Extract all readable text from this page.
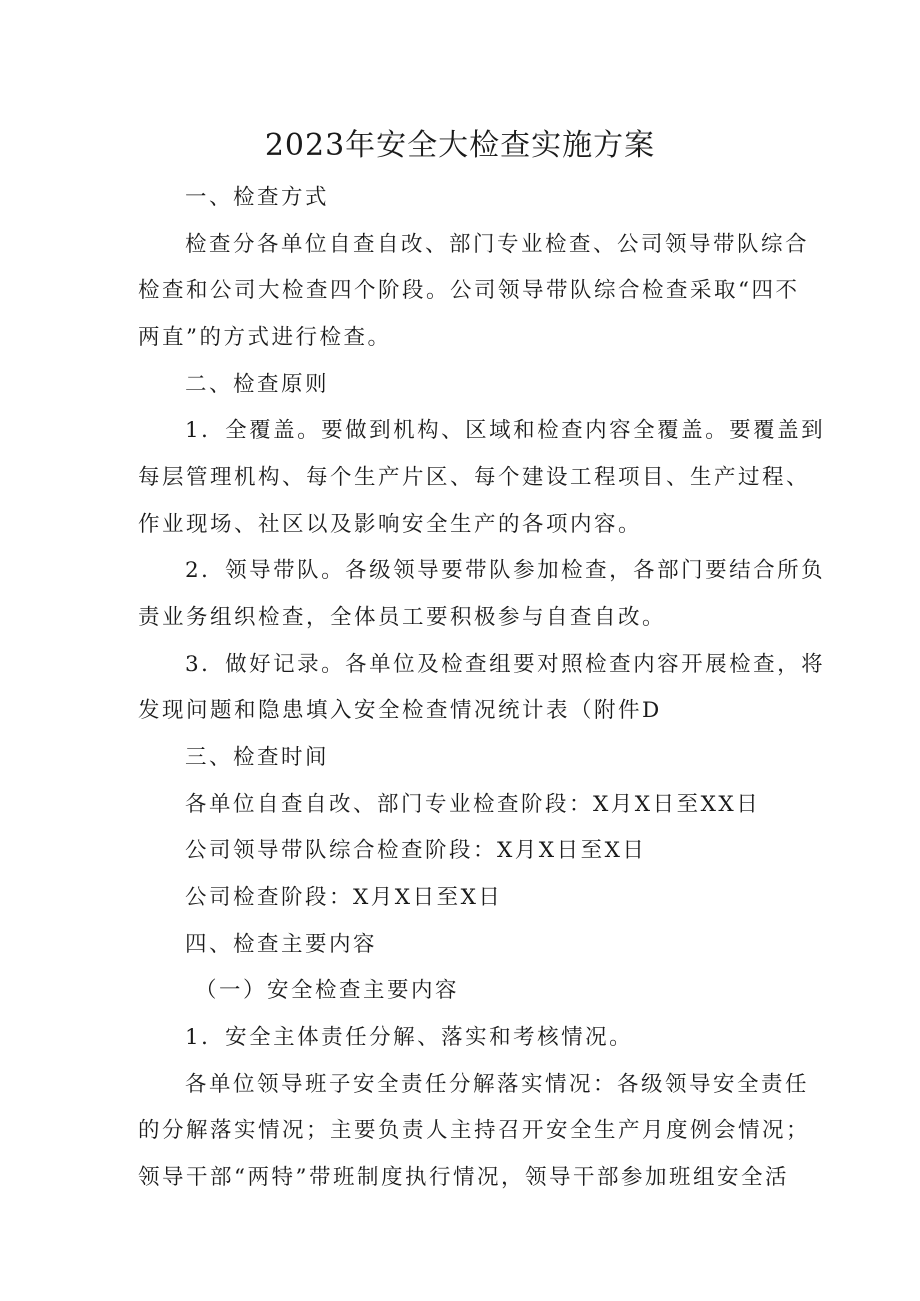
2023年安全大检查实施方案

一、检查方式

检查分各单位自查自改、部门专业检查、公司领导带队综合

检查和公司大检查四个阶段。公司领导带队综合检查采取“四不

两直”的方式进行检查。

二、检查原则

1．全覆盖。要做到机构、区域和检查内容全覆盖。要覆盖到

每层管理机构、每个生产片区、每个建设工程项目、生产过程、

作业现场、社区以及影响安全生产的各项内容。

2．领导带队。各级领导要带队参加检查，各部门要结合所负

责业务组织检查，全体员工要积极参与自查自改。

3．做好记录。各单位及检查组要对照检查内容开展检查，将

发现问题和隐患填入安全检查情况统计表（附件D

三、检查时间

各单位自查自改、部门专业检查阶段：X月X日至XX日

公司领导带队综合检查阶段：X月X日至X日

公司检查阶段：X月X日至X日

四、检查主要内容

（一）安全检查主要内容

1．安全主体责任分解、落实和考核情况。

各单位领导班子安全责任分解落实情况：各级领导安全责任

的分解落实情况；主要负责人主持召开安全生产月度例会情况；

领导干部“两特”带班制度执行情况，领导干部参加班组安全活
